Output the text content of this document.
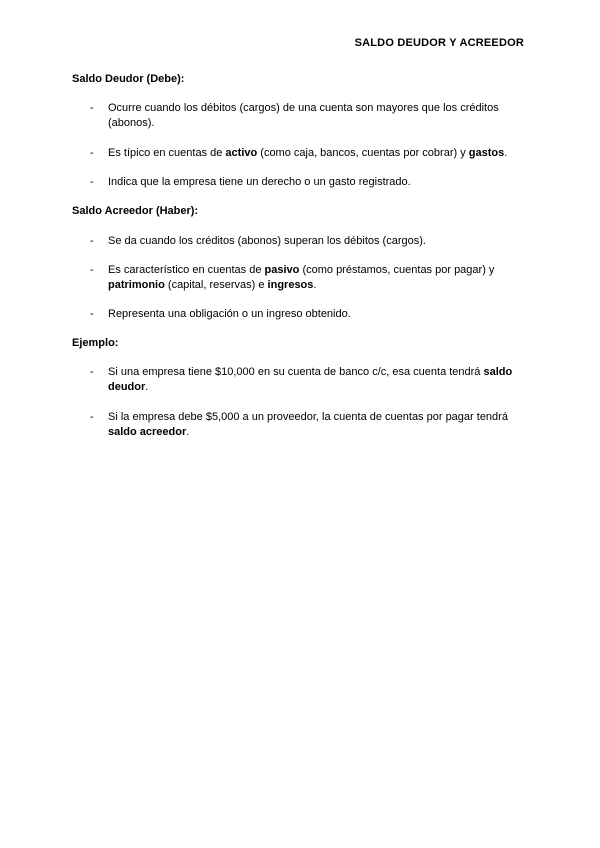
SALDO DEUDOR Y ACREEDOR
Saldo Deudor (Debe):
- Ocurre cuando los débitos (cargos) de una cuenta son mayores que los créditos (abonos).
- Es típico en cuentas de activo (como caja, bancos, cuentas por cobrar) y gastos.
- Indica que la empresa tiene un derecho o un gasto registrado.
Saldo Acreedor (Haber):
- Se da cuando los créditos (abonos) superan los débitos (cargos).
- Es característico en cuentas de pasivo (como préstamos, cuentas por pagar) y patrimonio (capital, reservas) e ingresos.
- Representa una obligación o un ingreso obtenido.
Ejemplo:
- Si una empresa tiene $10,000 en su cuenta de banco c/c, esa cuenta tendrá saldo deudor.
- Si la empresa debe $5,000 a un proveedor, la cuenta de cuentas por pagar tendrá saldo acreedor.
